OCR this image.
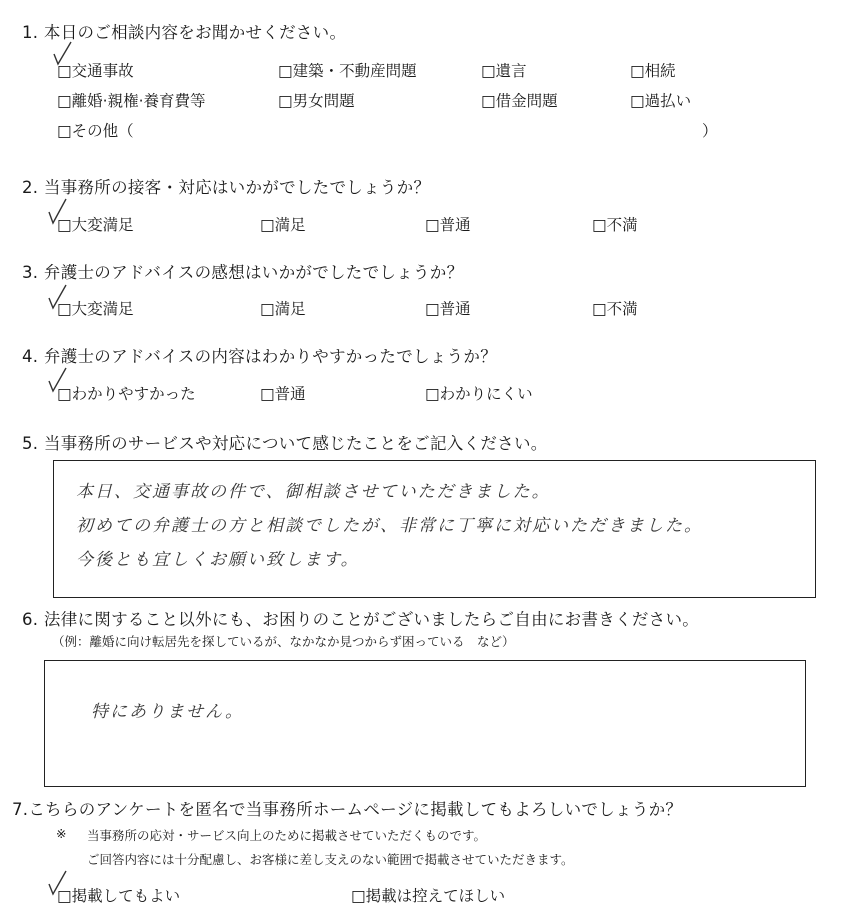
1. 本日のご相談内容をお聞かせください。
□交通事故	□建築・不動産問題	□遺言	□相続
□離婚·親権·養育費等	□男女問題	□借金問題	□過払い
□その他（	）
2. 当事務所の接客・対応はいかがでしたでしょうか？
□大変満足	□満足	□普通	□不満
3. 弁護士のアドバイスの感想はいかがでしたでしょうか？
□大変満足	□満足	□普通	□不満
4. 弁護士のアドバイスの内容はわかりやすかったでしょうか？
□わかりやすかった	□普通	□わかりにくい
5. 当事務所のサービスや対応について感じたことをご記入ください。
本日、交通事故の件で、御相談させていただきました。
初めての弁護士の方と相談でしたが、非常に丁寧に対応いただきました。
今後とも宜しくお願い致します。
6. 法律に関すること以外にも、お困りのことがございましたらご自由にお書きください。
（例：離婚に向け転居先を探しているが、なかなか見つからず困っている　など）
特にありません。
7.こちらのアンケートを匿名で当事務所ホームページに掲載してもよろしいでしょうか？
※ 当事務所の応対・サービス向上のために掲載させていただくものです。
ご回答内容には十分配慮し、お客様に差し支えのない範囲で掲載させていただきます。
□掲載してもよい	□掲載は控えてほしい
